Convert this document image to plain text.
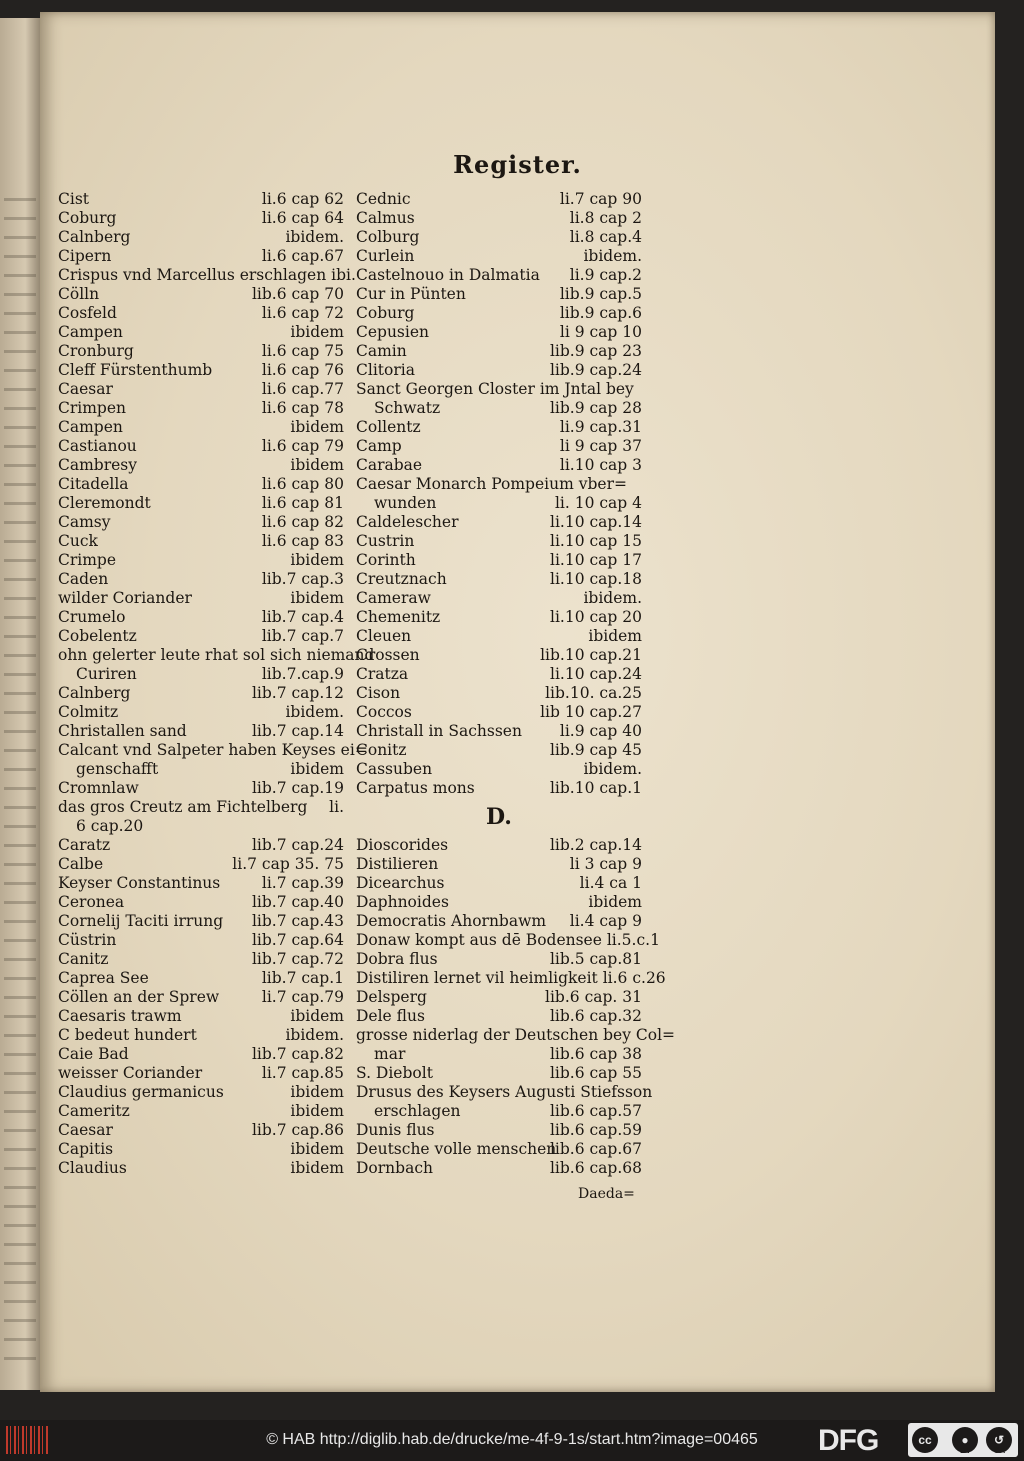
Register.
Cist	li.6 cap 62
Coburg	li.6 cap 64
Calnberg	ibidem.
Cipern	li.6 cap.67
Crispus vnd Marcellus erschlagen ibi.
Cölln	lib.6 cap 70
Cosfeld	li.6 cap 72
Campen	ibidem
Cronburg	li.6 cap 75
Cleff Fürstenthumb	li.6 cap 76
Caesar	li.6 cap.77
Crimpen	li.6 cap 78
Campen	ibidem
Castianou	li.6 cap 79
Cambresy	ibidem
Citadella	li.6 cap 80
Cleremondt	li.6 cap 81
Camsy	li.6 cap 82
Cuck	li.6 cap 83
Crimpe	ibidem
Caden	lib.7 cap.3
wilder Coriander	ibidem
Crumelo	lib.7 cap.4
Cobelentz	lib.7 cap.7
ohn gelerter leute rhat sol sich niemand
Curiren	lib.7.cap.9
Calnberg	lib.7 cap.12
Colmitz	ibidem.
Christallen sand	lib.7 cap.14
Calcant vnd Salpeter haben Keyses ei=
genschafft	ibidem
Cromnlaw	lib.7 cap.19
das gros Creutz am Fichtelberg li.
6 cap.20
Caratz	lib.7 cap.24
Calbe	li.7 cap 35. 75
Keyser Constantinus	li.7 cap.39
Ceronea	lib.7 cap.40
Cornelij Taciti irrung lib.7 cap.43
Cüstrin	lib.7 cap.64
Canitz	lib.7 cap.72
Caprea See	lib.7 cap.1
Cöllen an der Sprew	li.7 cap.79
Caesaris trawm	ibidem
C bedeut hundert	ibidem.
Caie Bad	lib.7 cap.82
weisser Coriander	li.7 cap.85
Claudius germanicus	ibidem
Cameritz	ibidem
Caesar	lib.7 cap.86
Capitis	ibidem
Claudius	ibidem
Cednic	li.7 cap 90
Calmus	li.8 cap 2
Colburg	li.8 cap.4
Curlein	ibidem.
Castelnouo in Dalmatia li.9 cap.2
Cur in Pünten	lib.9 cap.5
Coburg	lib.9 cap.6
Cepusien	li 9 cap 10
Camin	lib.9 cap 23
Clitoria	lib.9 cap.24
Sanct Georgen Closter im Jntal bey
Schwatz	lib.9 cap 28
Collentz	li.9 cap.31
Camp	li 9 cap 37
Carabae	li.10 cap 3
Caesar Monarch Pompeium vber=
wunden	li. 10 cap 4
Caldelescher	li.10 cap.14
Custrin	li.10 cap 15
Corinth	li.10 cap 17
Creutznach	li.10 cap.18
Cameraw	ibidem.
Chemenitz	li.10 cap 20
Cleuen	ibidem
Crossen	lib.10 cap.21
Cratza	li.10 cap.24
Cison	lib.10. ca.25
Coccos	lib 10 cap.27
Christall in Sachssen li.9 cap 40
Conitz	lib.9 cap 45
Cassuben	ibidem.
Carpatus mons	lib.10 cap.1
D.
Dioscorides	lib.2 cap.14
Distilieren	li 3 cap 9
Dicearchus	li.4 ca 1
Daphnoides	ibidem
Democratis Ahornbawm li.4 cap 9
Donaw kompt aus dē Bodensee li.5.c.1
Dobra flus	lib.5 cap.81
Distiliren lernet vil heimligkeit li.6 c.26
Delsperg	lib.6 cap. 31
Dele flus	lib.6 cap.32
grosse niderlag der Deutschen bey Col=
mar	lib.6 cap 38
S. Diebolt	lib.6 cap 55
Drusus des Keysers Augusti Stiefsson
erschlagen	lib.6 cap.57
Dunis flus	lib.6 cap.59
Deutsche volle menschen
lib.6 cap.67
Dornbach	lib.6 cap.68
Daeda=
© HAB http://diglib.hab.de/drucke/me-4f-9-1s/start.htm?image=00465	DFG	cc	●	↺
BY	SA
